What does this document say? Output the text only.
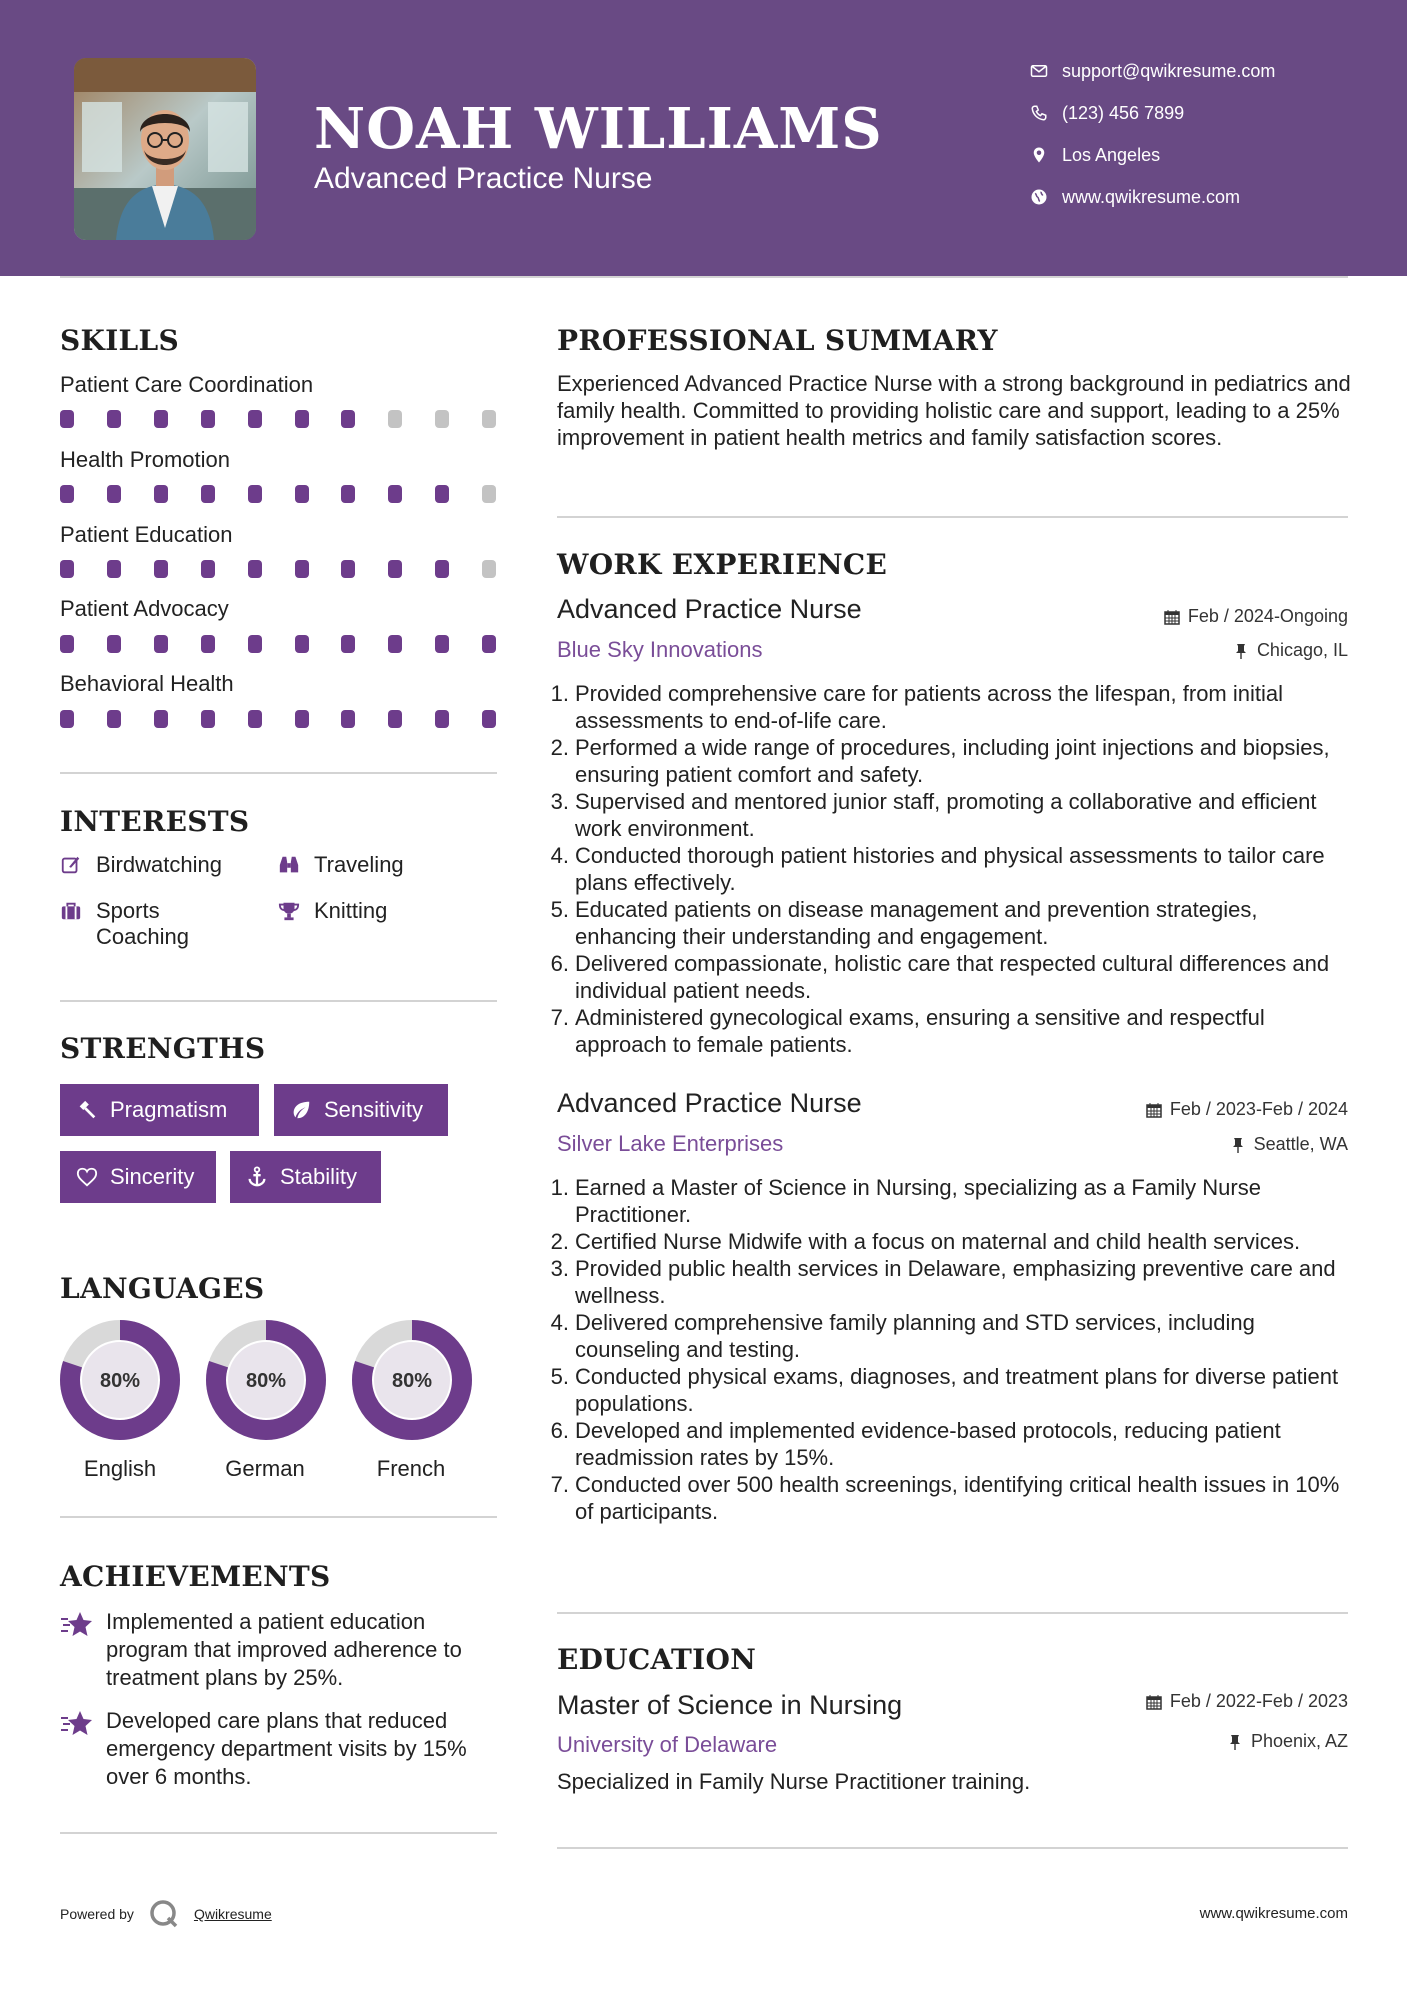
NOAH WILLIAMS
Advanced Practice Nurse
support@qwikresume.com
(123) 456 7899
Los Angeles
www.qwikresume.com
SKILLS
Patient Care Coordination
Health Promotion
Patient Education
Patient Advocacy
Behavioral Health
INTERESTS
Birdwatching	Traveling
Sports Coaching
Knitting
STRENGTHS
Pragmatism	Sensitivity
Sincerity	Stability
LANGUAGES
80%
English
80%
German
80%
French
ACHIEVEMENTS
Implemented a patient education program that improved adherence to treatment plans by 25%.
Developed care plans that reduced emergency department visits by 15% over 6 months.
PROFESSIONAL SUMMARY
Experienced Advanced Practice Nurse with a strong background in pediatrics and family health. Committed to providing holistic care and support, leading to a 25% improvement in patient health metrics and family satisfaction scores.
WORK EXPERIENCE
Advanced Practice Nurse	Feb / 2024-Ongoing
Blue Sky Innovations	Chicago, IL
1. Provided comprehensive care for patients across the lifespan, from initial assessments to end-of-life care.
2. Performed a wide range of procedures, including joint injections and biopsies, ensuring patient comfort and safety.
3. Supervised and mentored junior staff, promoting a collaborative and efficient work environment.
4. Conducted thorough patient histories and physical assessments to tailor care plans effectively.
5. Educated patients on disease management and prevention strategies, enhancing their understanding and engagement.
6. Delivered compassionate, holistic care that respected cultural differences and individual patient needs.
7. Administered gynecological exams, ensuring a sensitive and respectful approach to female patients.
Advanced Practice Nurse	Feb / 2023-Feb / 2024
Silver Lake Enterprises	Seattle, WA
1. Earned a Master of Science in Nursing, specializing as a Family Nurse Practitioner.
2. Certified Nurse Midwife with a focus on maternal and child health services.
3. Provided public health services in Delaware, emphasizing preventive care and wellness.
4. Delivered comprehensive family planning and STD services, including counseling and testing.
5. Conducted physical exams, diagnoses, and treatment plans for diverse patient populations.
6. Developed and implemented evidence-based protocols, reducing patient readmission rates by 15%.
7. Conducted over 500 health screenings, identifying critical health issues in 10% of participants.
EDUCATION
Master of Science in Nursing	Feb / 2022-Feb / 2023
University of Delaware	Phoenix, AZ
Specialized in Family Nurse Practitioner training.
Powered by	Qwikresume	www.qwikresume.com
